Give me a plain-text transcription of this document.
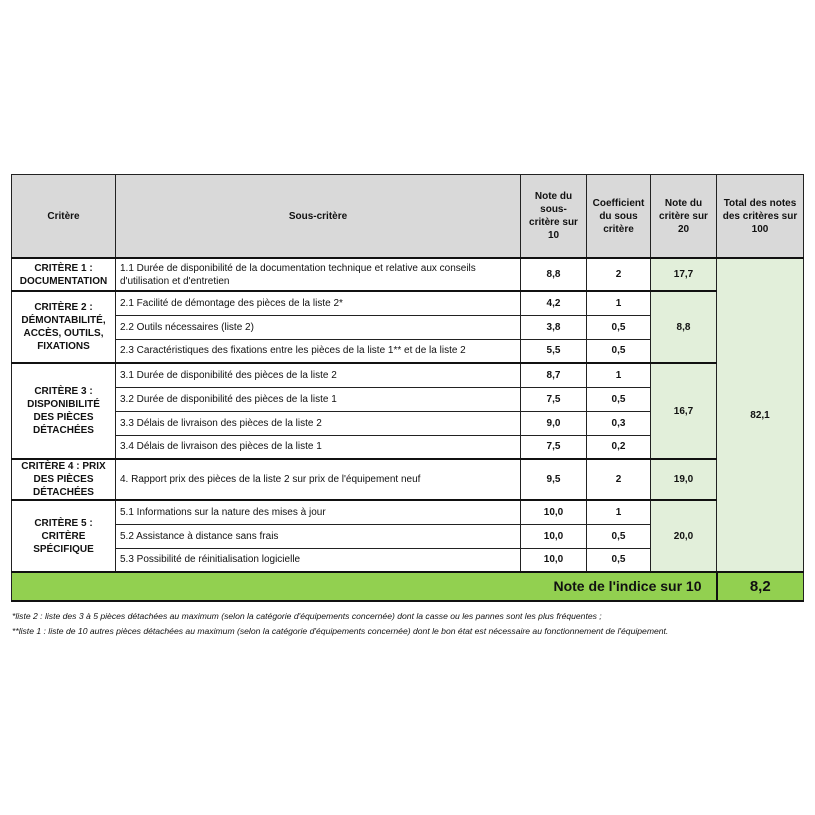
Critère	Sous-critère	Note du sous-critère sur 10	Coefficient du sous critère	Note du critère sur 20	Total des notes des critères sur 100
CRITÈRE 1 : DOCUMENTATION	1.1 Durée de disponibilité de la documentation technique et relative aux conseils d'utilisation et d'entretien	8,8	2	17,7	82,1
CRITÈRE 2 : DÉMONTABILITÉ, ACCÈS, OUTILS, FIXATIONS	2.1 Facilité de démontage des pièces de la liste 2*	4,2	1	8,8	
	2.2 Outils nécessaires (liste 2)	3,8	0,5		
	2.3 Caractéristiques des fixations entre les pièces de la liste 1** et de la liste 2	5,5	0,5		
CRITÈRE 3 : DISPONIBILITÉ DES PIÈCES DÉTACHÉES	3.1 Durée de disponibilité des pièces de la liste 2	8,7	1	16,7	
	3.2 Durée de disponibilité des pièces de la liste 1	7,5	0,5		
	3.3 Délais de livraison des pièces de la liste 2	9,0	0,3		
	3.4 Délais de livraison des pièces de la liste 1	7,5	0,2		
CRITÈRE 4 : PRIX DES PIÈCES DÉTACHÉES	4. Rapport prix des pièces de la liste 2 sur prix de l'équipement neuf	9,5	2	19,0	
CRITÈRE 5 : CRITÈRE SPÉCIFIQUE	5.1 Informations sur la nature des mises à jour	10,0	1	20,0	
	5.2 Assistance à distance sans frais	10,0	0,5		
	5.3 Possibilité de réinitialisation logicielle	10,0	0,5		
Note de l'indice sur 10					8,2
*liste 2 : liste des 3 à 5 pièces détachées au maximum (selon la catégorie d'équipements concernée) dont la casse ou les pannes sont les plus fréquentes ;
**liste 1 : liste de 10 autres pièces détachées au maximum (selon la catégorie d'équipements concernée) dont le bon état est nécessaire au fonctionnement de l'équipement.
